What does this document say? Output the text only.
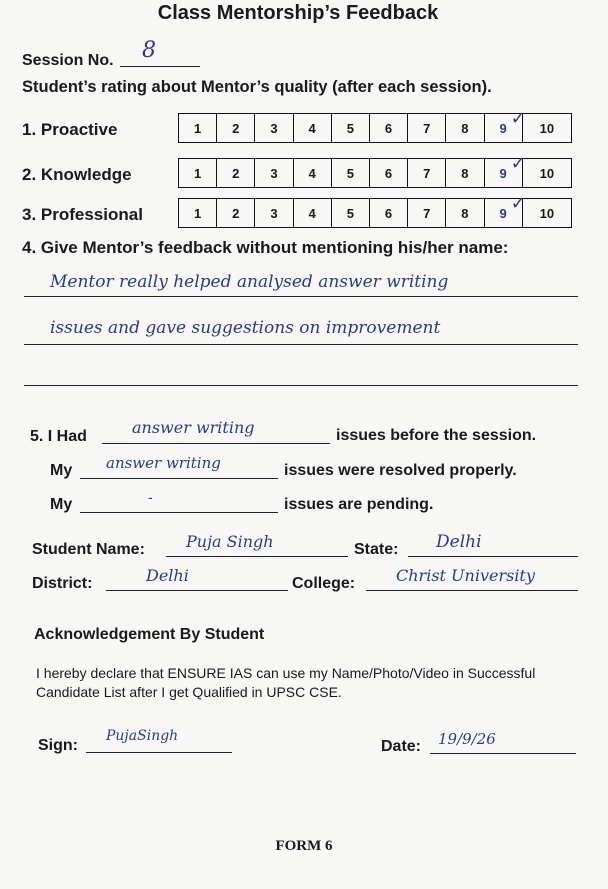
Class Mentorship’s Feedback
Session No. 8
Student’s rating about Mentor’s quality (after each session).
1. Proactive	1 2 3 4 5 6 7 8 9 ✓ 10
2. Knowledge	1 2 3 4 5 6 7 8 9 ✓ 10
3. Professional	1 2 3 4 5 6 7 8 9 ✓ 10
4. Give Mentor’s feedback without mentioning his/her name:
Mentor really helped analysed answer writing
issues and gave suggestions on improvement
5. I Had	answer writing	issues before the session.
My answer writing	issues were resolved properly.
My	-	issues are pending.
Student Name:	Puja Singh	State: Delhi
District:	Delhi	College:	Christ University
Acknowledgement By Student
I hereby declare that ENSURE IAS can use my Name/Photo/Video in Successful
Candidate List after I get Qualified in UPSC CSE.
Sign:
PujaSingh
Date: 19/9/26
FORM 6
